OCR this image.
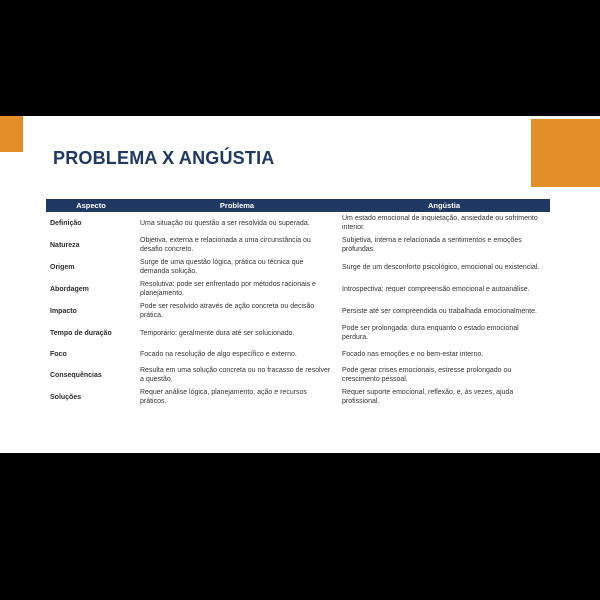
PROBLEMA X ANGÚSTIA
Aspecto	Problema	Angústia
Definição	Uma situação ou questão a ser resolvida ou superada.	Um estado emocional de inquietação, ansiedade ou sofrimento interior.
Natureza	Objetiva, externa e relacionada a uma circunstância ou desafio concreto.	Subjetiva, interna e relacionada a sentimentos e emoções profundas.
Origem	Surge de uma questão lógica, prática ou técnica que demanda solução.	Surge de um desconforto psicológico, emocional ou existencial.
Abordagem	Resolutiva: pode ser enfrentado por métodos racionais e planejamento.	Introspectiva: requer compreensão emocional e autoanálise.
Impacto	Pode ser resolvido através de ação concreta ou decisão prática.	Persiste até ser compreendida ou trabalhada emocionalmente.
Tempo de duração	Temporário: geralmente dura até ser solucionado.	Pode ser prolongada: dura enquanto o estado emocional perdura.
Foco	Focado na resolução de algo específico e externo.	Focado nas emoções e no bem-estar interno.
Consequências	Resulta em uma solução concreta ou no fracasso de resolver a questão.	Pode gerar crises emocionais, estresse prolongado ou crescimento pessoal.
Soluções	Requer análise lógica, planejamento, ação e recursos práticos.	Requer suporte emocional, reflexão, e, às vezes, ajuda profissional.
